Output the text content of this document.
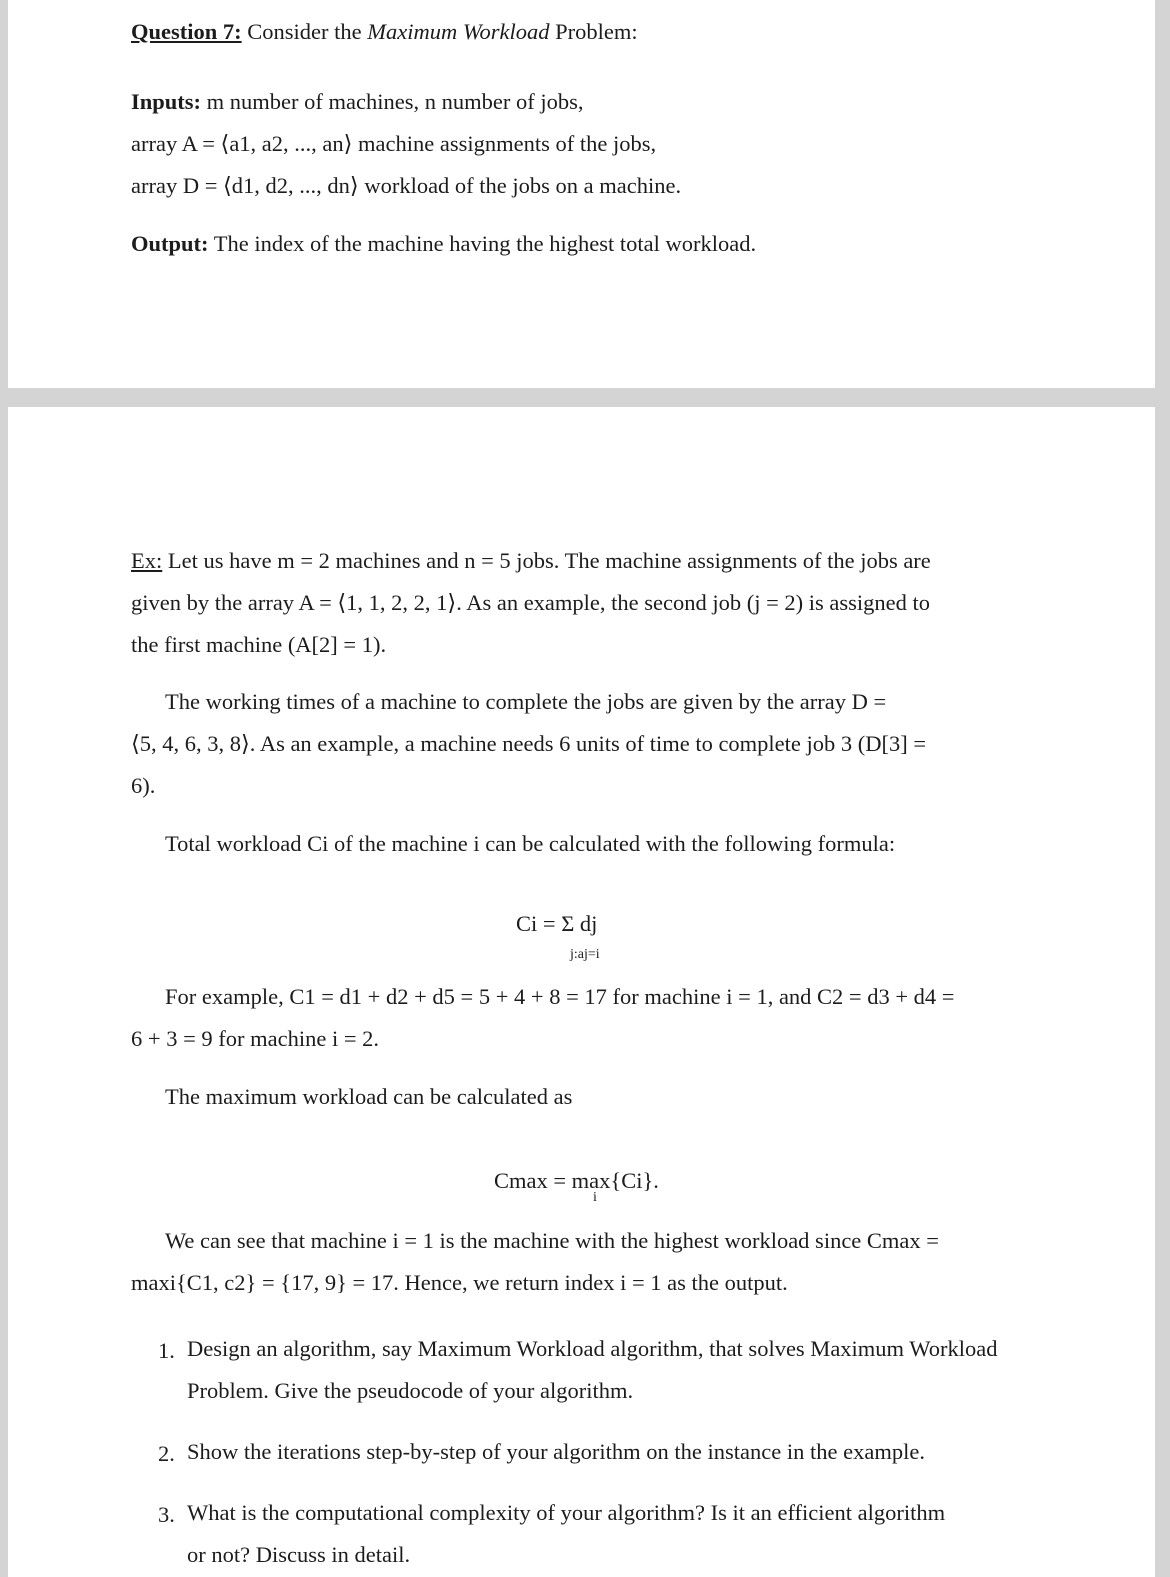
Question 7: Consider the Maximum Workload Problem:
Inputs: m number of machines, n number of jobs,
array A = ⟨a1, a2, ..., an⟩ machine assignments of the jobs,
array D = ⟨d1, d2, ..., dn⟩ workload of the jobs on a machine.
Output: The index of the machine having the highest total workload.
Ex: Let us have m = 2 machines and n = 5 jobs. The machine assignments of the jobs are
given by the array A = ⟨1, 1, 2, 2, 1⟩. As an example, the second job (j = 2) is assigned to
the first machine (A[2] = 1).
The working times of a machine to complete the jobs are given by the array D =
⟨5, 4, 6, 3, 8⟩. As an example, a machine needs 6 units of time to complete job 3 (D[3] =
6).
Total workload Ci of the machine i can be calculated with the following formula:
Ci = Σ dj
j:aj=i
For example, C1 = d1 + d2 + d5 = 5 + 4 + 8 = 17 for machine i = 1, and C2 = d3 + d4 =
6 + 3 = 9 for machine i = 2.
The maximum workload can be calculated as
Cmax = max{Ci}.
i
We can see that machine i = 1 is the machine with the highest workload since Cmax =
maxi{C1, c2} = {17, 9} = 17. Hence, we return index i = 1 as the output.
1. Design an algorithm, say Maximum Workload algorithm, that solves Maximum Workload
Problem. Give the pseudocode of your algorithm.
2. Show the iterations step-by-step of your algorithm on the instance in the example.
3. What is the computational complexity of your algorithm? Is it an efficient algorithm
or not? Discuss in detail.
